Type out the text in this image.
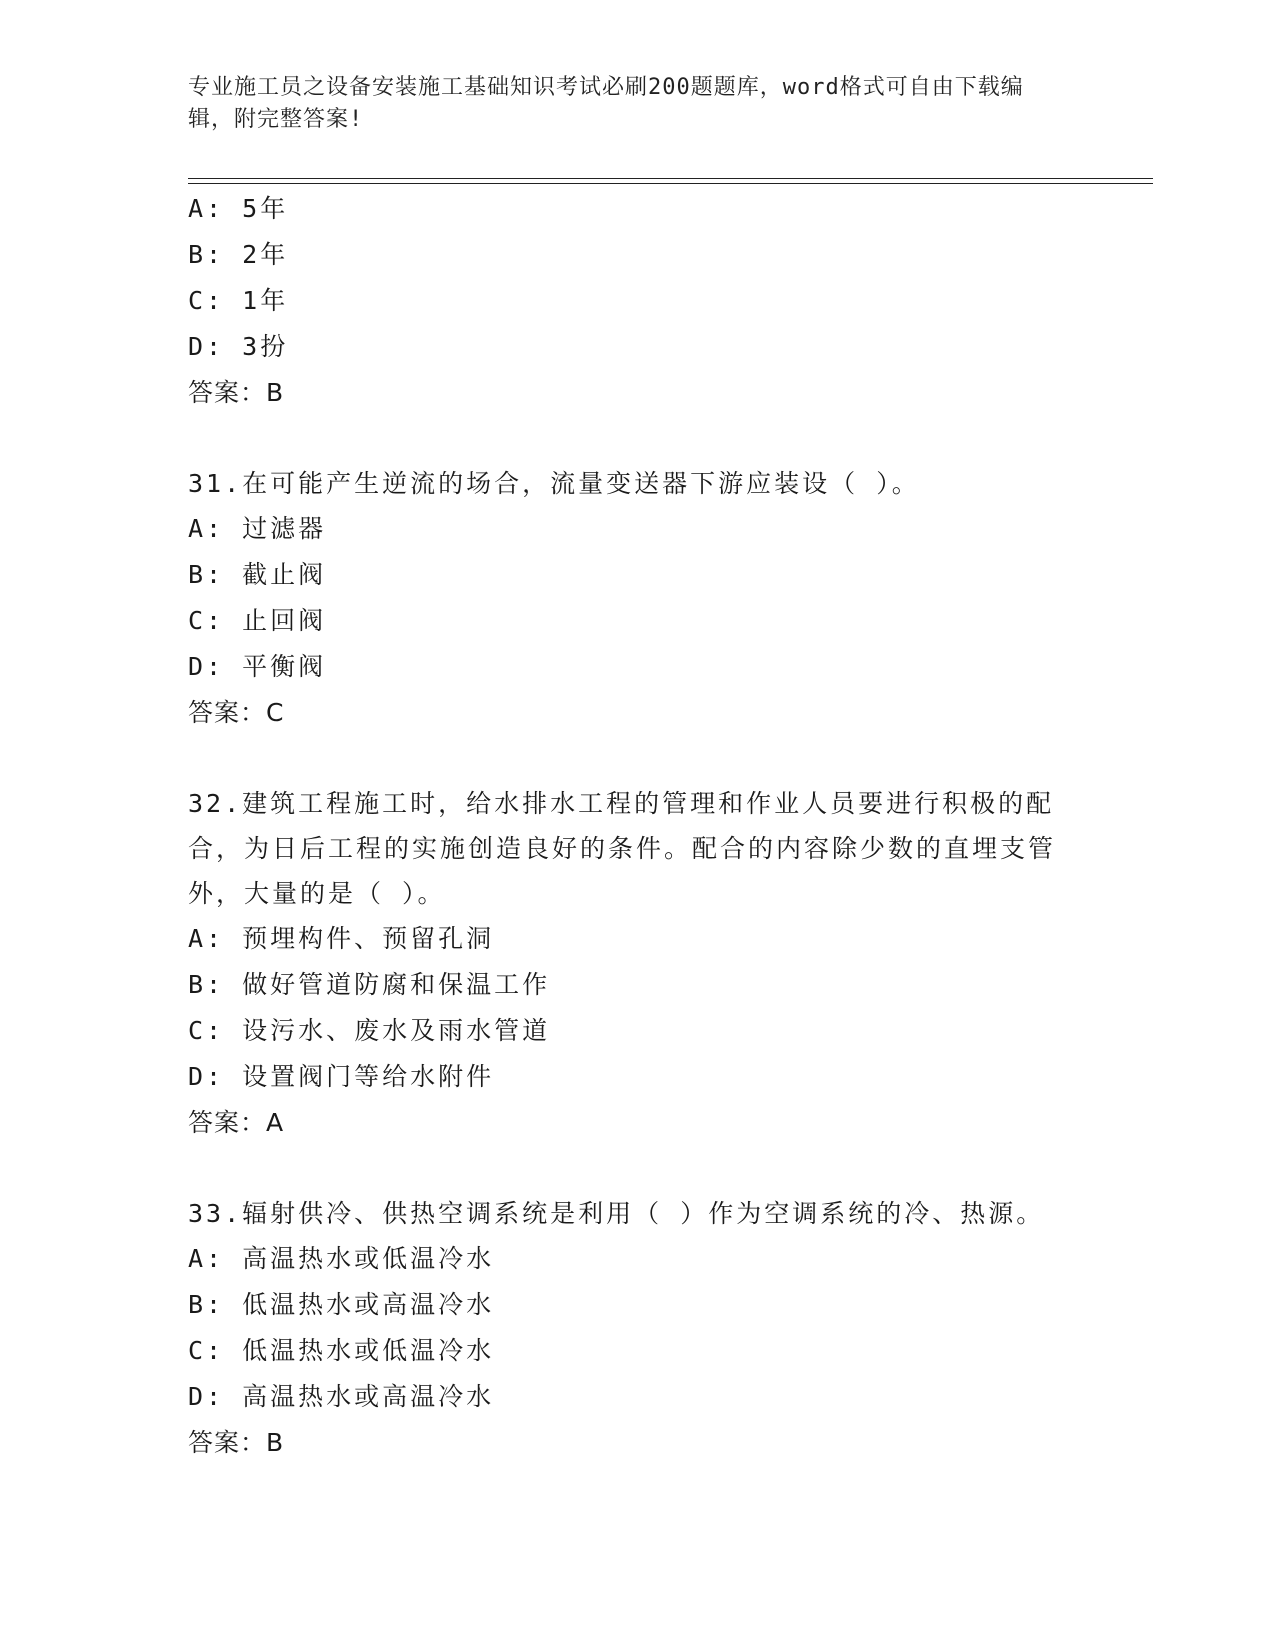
专业施工员之设备安装施工基础知识考试必刷200题题库，word格式可自由下载编辑，附完整答案!
A: 5年
B: 2年
C: 1年
D: 3扮
答案：B
31.在可能产生逆流的场合，流量变送器下游应装设（ ）。
A: 过滤器
B: 截止阀
C: 止回阀
D: 平衡阀
答案：C
32.建筑工程施工时，给水排水工程的管理和作业人员要进行积极的配合，为日后工程的实施创造良好的条件。配合的内容除少数的直埋支管外，大量的是（ ）。
A: 预埋构件、预留孔洞
B: 做好管道防腐和保温工作
C: 设污水、废水及雨水管道
D: 设置阀门等给水附件
答案：A
33.辐射供冷、供热空调系统是利用（ ）作为空调系统的冷、热源。
A: 高温热水或低温冷水
B: 低温热水或高温冷水
C: 低温热水或低温冷水
D: 高温热水或高温冷水
答案：B
